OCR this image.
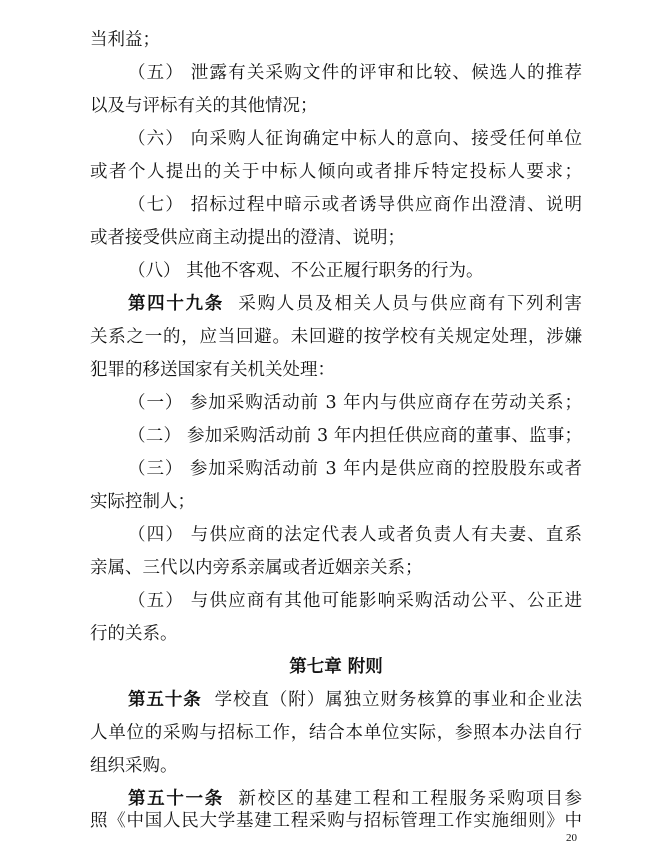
当利益；
（五） 泄露有关采购文件的评审和比较、候选人的推荐
以及与评标有关的其他情况；
（六） 向采购人征询确定中标人的意向、接受任何单位
或者个人提出的关于中标人倾向或者排斥特定投标人要求；
（七） 招标过程中暗示或者诱导供应商作出澄清、说明
或者接受供应商主动提出的澄清、说明；
（八） 其他不客观、不公正履行职务的行为。
第四十九条 采购人员及相关人员与供应商有下列利害
关系之一的，应当回避。未回避的按学校有关规定处理，涉嫌
犯罪的移送国家有关机关处理：
（一） 参加采购活动前 3 年内与供应商存在劳动关系；
（二） 参加采购活动前 3 年内担任供应商的董事、监事；
（三） 参加采购活动前 3 年内是供应商的控股股东或者
实际控制人；
（四） 与供应商的法定代表人或者负责人有夫妻、直系
亲属、三代以内旁系亲属或者近姻亲关系；
（五） 与供应商有其他可能影响采购活动公平、公正进
行的关系。
第七章 附则
第五十条 学校直（附）属独立财务核算的事业和企业法
人单位的采购与招标工作，结合本单位实际，参照本办法自行
组织采购。
第五十一条 新校区的基建工程和工程服务采购项目参
照《中国人民大学基建工程采购与招标管理工作实施细则》中
20
